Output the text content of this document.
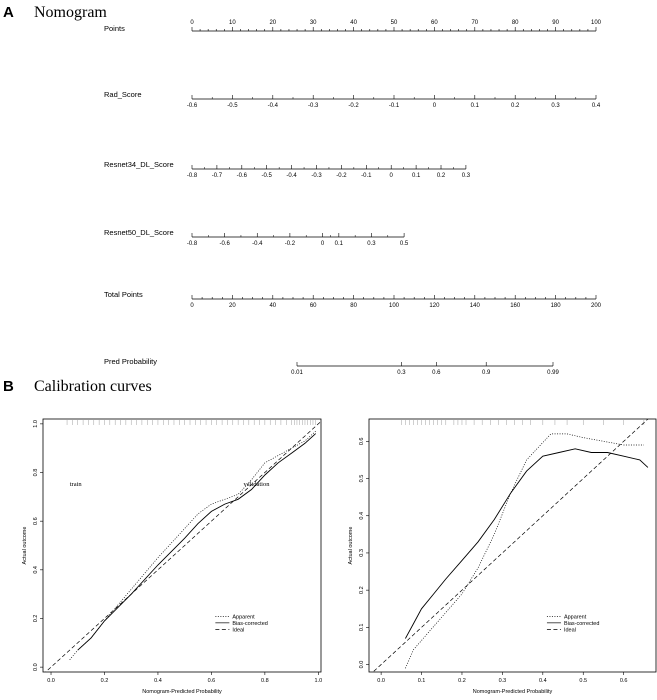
A Nomogram
Points
0	10	20	30	40	50	60	70	80	90	100
Rad_Score
-0.6	-0.5	-0.4	-0.3	-0.2	-0.1	0	0.1	0.2	0.3	0.4
Resnet34_DL_Score
-0.8 -0.7 -0.6 -0.5 -0.4 -0.3 -0.2 -0.1	0	0.1	0.2	0.3
Resnet50_DL_Score
-0.8	-0.6	-0.4	-0.2	0 0.1	0.3	0.5
Total Points
0	20	40	60	80	100	120	140	160	180	200
Pred Probability
0.01	0.3	0.6	0.9	0.99
B Calibration curves
0.0	0.2	0.4	0.6	0.8	1.0
0.0
0.2
0.4
0.6
0.8
1.0
Nomogram-Predicted Probability
Actual outcome
Apparent
Bias-corrected
Ideal
train	validation
0.0	0.1	0.2	0.3	0.4	0.5	0.6
0.0
0.1
0.2
0.3
0.4
0.5
0.6
Nomogram-Predicted Probability
Actual outcome
Apparent
Bias-corrected
Ideal
